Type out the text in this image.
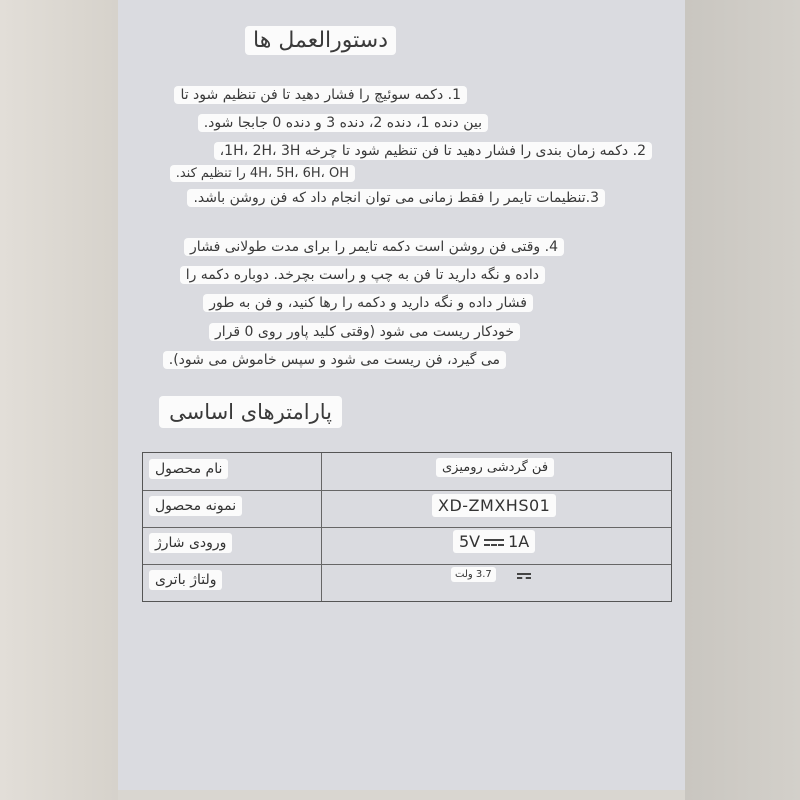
دستورالعمل ها
1. دکمه سوئیچ را فشار دهید تا فن تنظیم شود تا
بین دنده 1، دنده 2، دنده 3 و دنده 0 جابجا شود.
2. دکمه زمان بندی را فشار دهید تا فن تنظیم شود تا چرخه 1H، 2H، 3H،
4H، 5H، 6H، OH را تنظیم کند.
3.تنظیمات تایمر را فقط زمانی می توان انجام داد که فن روشن باشد.
4. وقتی فن روشن است دکمه تایمر را برای مدت طولانی فشار
داده و نگه دارید تا فن به چپ و راست بچرخد. دوباره دکمه را
فشار داده و نگه دارید و دکمه را رها کنید، و فن به طور
خودکار ریست می شود (وقتی کلید پاور روی 0 قرار
می گیرد، فن ریست می شود و سپس خاموش می شود).
پارامترهای اساسی
نام محصول	فن گردشی رومیزی
نمونه محصول	XD-ZMXHS01
ورودی شارژ	5V 1A
ولتاژ باتری	3.7 ولت
